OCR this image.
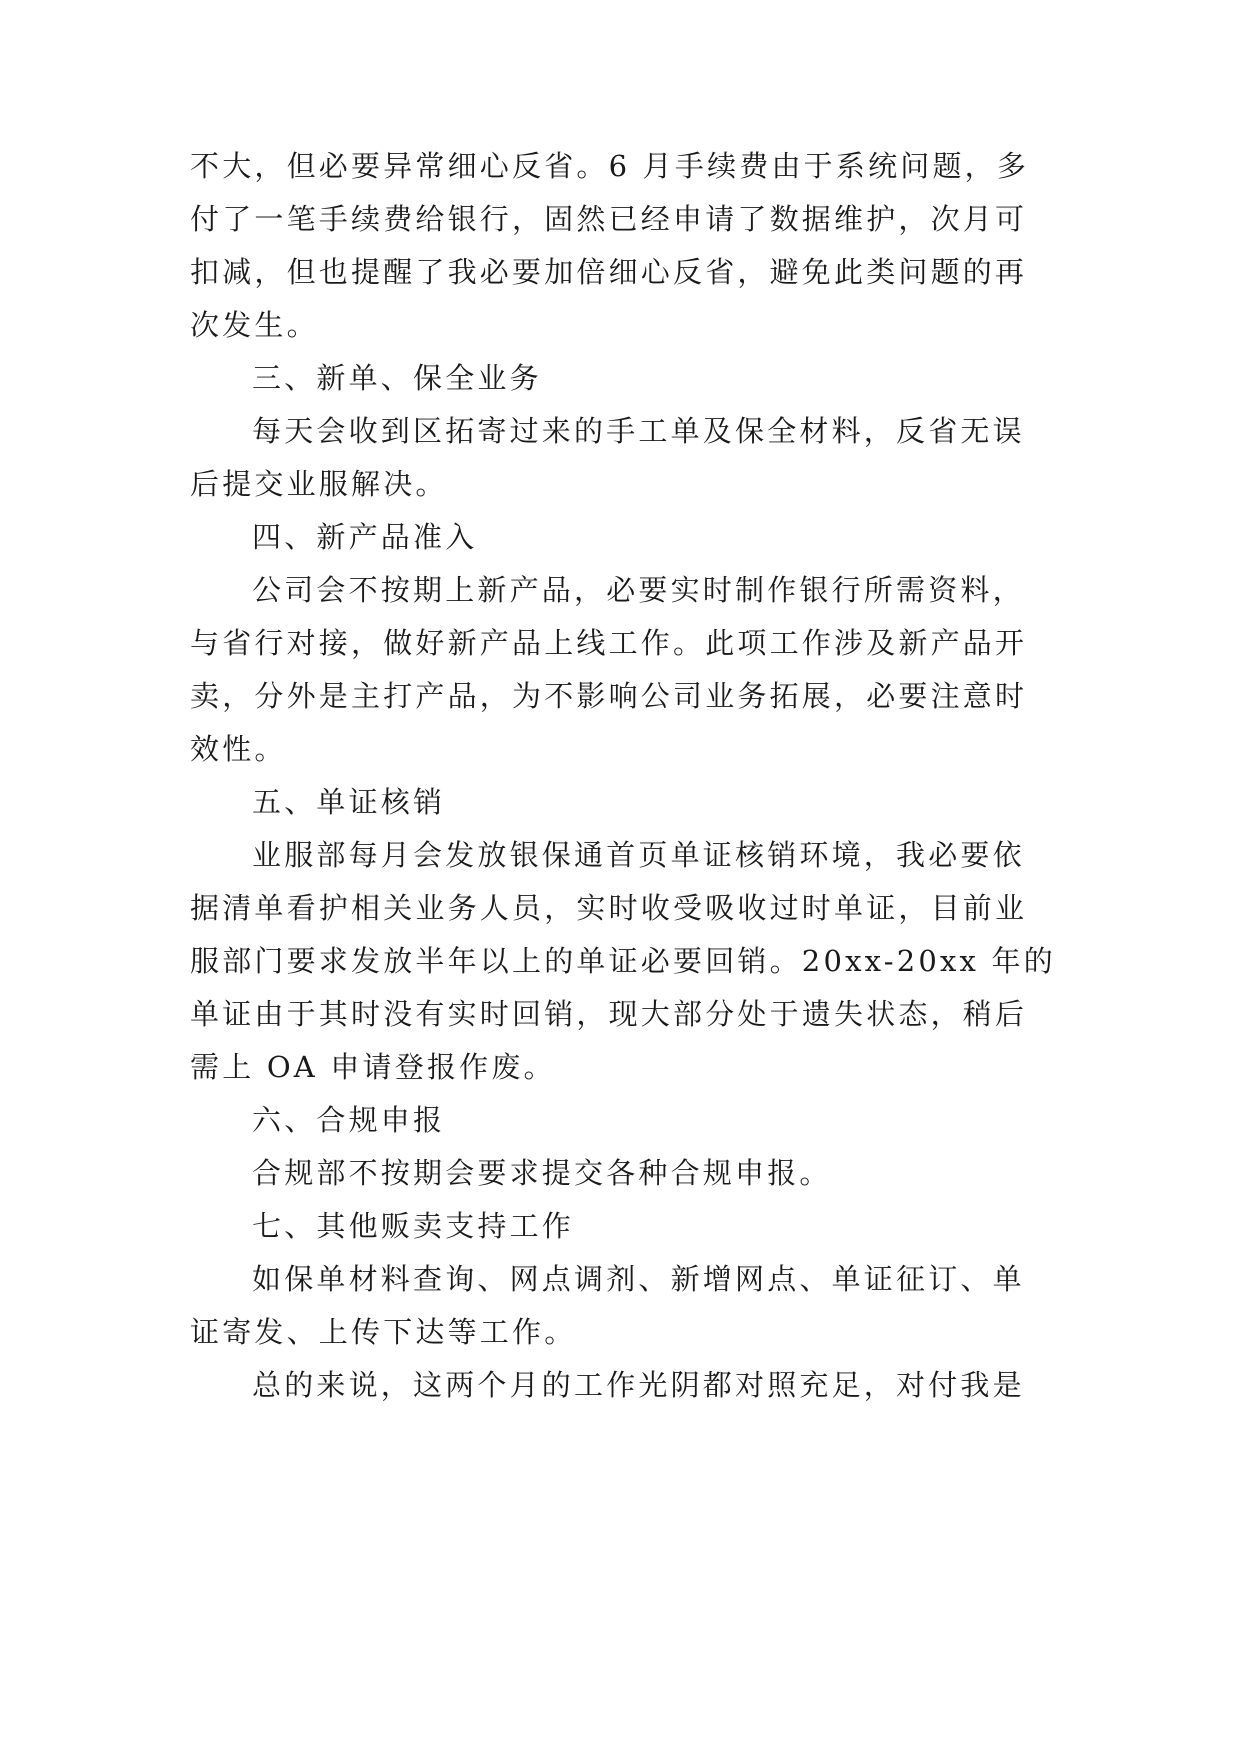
不大，但必要异常细心反省。6 月手续费由于系统问题，多
付了一笔手续费给银行，固然已经申请了数据维护，次月可
扣减，但也提醒了我必要加倍细心反省，避免此类问题的再
次发生。
三、新单、保全业务
每天会收到区拓寄过来的手工单及保全材料，反省无误
后提交业服解决。
四、新产品准入
公司会不按期上新产品，必要实时制作银行所需资料，
与省行对接，做好新产品上线工作。此项工作涉及新产品开
卖，分外是主打产品，为不影响公司业务拓展，必要注意时
效性。
五、单证核销
业服部每月会发放银保通首页单证核销环境，我必要依
据清单看护相关业务人员，实时收受吸收过时单证，目前业
服部门要求发放半年以上的单证必要回销。20xx-20xx 年的
单证由于其时没有实时回销，现大部分处于遗失状态，稍后
需上 OA 申请登报作废。
六、合规申报
合规部不按期会要求提交各种合规申报。
七、其他贩卖支持工作
如保单材料查询、网点调剂、新增网点、单证征订、单
证寄发、上传下达等工作。
总的来说，这两个月的工作光阴都对照充足，对付我是
